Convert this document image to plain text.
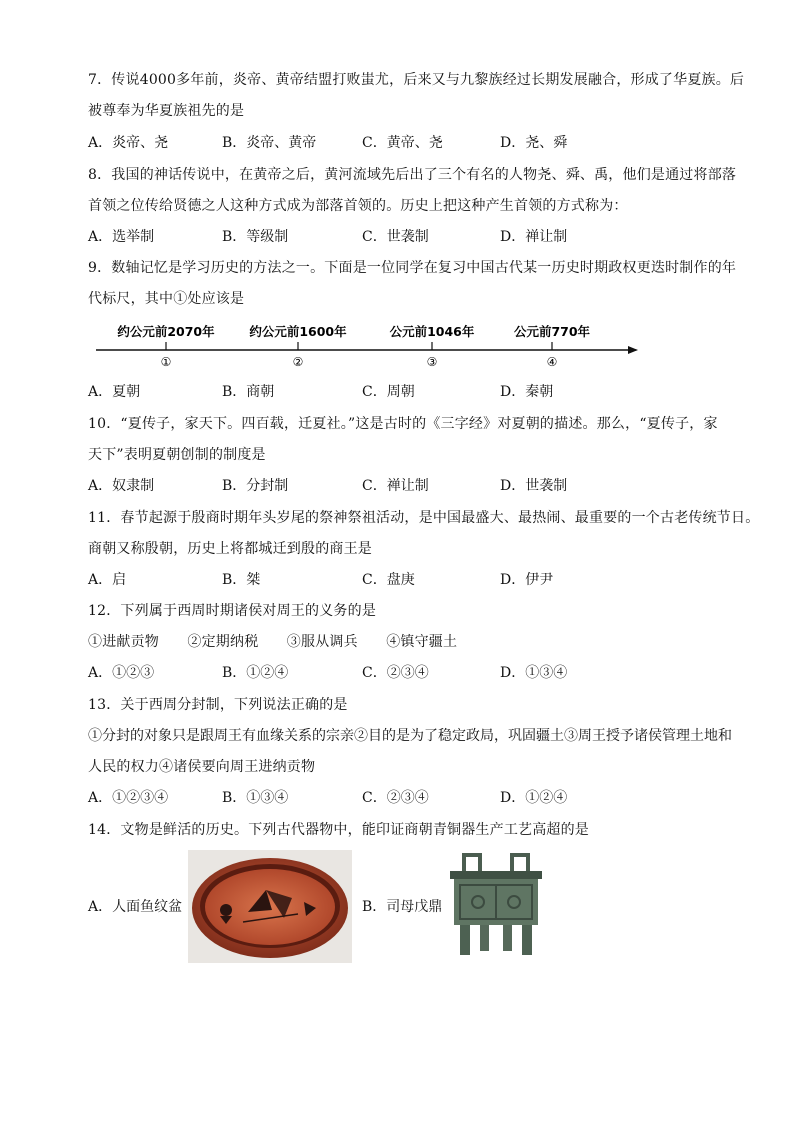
7．传说4000多年前，炎帝、黄帝结盟打败蚩尤，后来又与九黎族经过长期发展融合，形成了华夏族。后
被尊奉为华夏族祖先的是
A．炎帝、尧	B．炎帝、黄帝	C．黄帝、尧	D．尧、舜
8．我国的神话传说中，在黄帝之后，黄河流域先后出了三个有名的人物尧、舜、禹，他们是通过将部落
首领之位传给贤德之人这种方式成为部落首领的。历史上把这种产生首领的方式称为：
A．选举制	B．等级制	C．世袭制	D．禅让制
9．数轴记忆是学习历史的方法之一。下面是一位同学在复习中国古代某一历史时期政权更迭时制作的年
代标尺，其中①处应该是
约公元前2070年	约公元前1600年	公元前1046年	公元前770年
①	②	③	④
A．夏朝	B．商朝	C．周朝	D．秦朝
10．“夏传子，家天下。四百载，迁夏社。”这是古时的《三字经》对夏朝的描述。那么，“夏传子，家
天下”表明夏朝创制的制度是
A．奴隶制	B．分封制	C．禅让制	D．世袭制
11．春节起源于殷商时期年头岁尾的祭神祭祖活动，是中国最盛大、最热闹、最重要的一个古老传统节日。
商朝又称殷朝，历史上将都城迁到殷的商王是
A．启	B．桀	C．盘庚	D．伊尹
12．下列属于西周时期诸侯对周王的义务的是
①进献贡物　　②定期纳税　　③服从调兵　　④镇守疆土
A．①②③	B．①②④	C．②③④	D．①③④
13．关于西周分封制，下列说法正确的是
①分封的对象只是跟周王有血缘关系的宗亲②目的是为了稳定政局，巩固疆土③周王授予诸侯管理土地和
人民的权力④诸侯要向周王进纳贡物
A．①②③④	B．①③④	C．②③④	D．①②④
14．文物是鲜活的历史。下列古代器物中，能印证商朝青铜器生产工艺高超的是
A．人面鱼纹盆	B．司母戊鼎
